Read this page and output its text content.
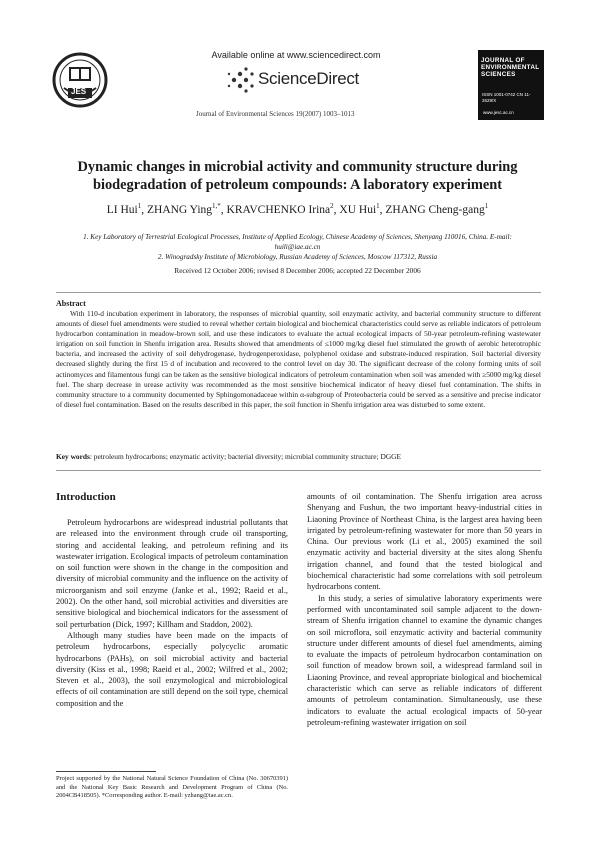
JES
Available online at www.sciencedirect.com
ScienceDirect
JOURNAL OF ENVIRONMENTAL SCIENCES
ISSN 1001-0742 CN 11-2629/X
www.jesc.ac.cn
Journal of Environmental Sciences 19(2007) 1003–1013
Dynamic changes in microbial activity and community structure during biodegradation of petroleum compounds: A laboratory experiment
LI Hui$^1$, ZHANG Ying$^{1,*}$, KRAVCHENKO Irina$^2$, XU Hui$^1$, ZHANG Cheng-gang$^1$
1. Key Laboratory of Terrestrial Ecological Processes, Institute of Applied Ecology, Chinese Academy of Sciences, Shenyang 110016, China. E-mail: huili@iae.ac.cn
2. Winogradsky Institute of Microbiology, Russian Academy of Sciences, Moscow 117312, Russia
Received 12 October 2006; revised 8 December 2006; accepted 22 December 2006
Abstract
With 110-d incubation experiment in laboratory, the responses of microbial quantity, soil enzymatic activity, and bacterial community structure to different amounts of diesel fuel amendments were studied to reveal whether certain biological and biochemical characteristics could serve as reliable indicators of petroleum hydrocarbon contamination in meadow-brown soil, and use these indicators to evaluate the actual ecological impacts of 50-year petroleum-refining wastewater irrigation on soil function in Shenfu irrigation area. Results showed that amendments of ≤1000 mg/kg diesel fuel stimulated the growth of aerobic heterotrophic bacteria, and increased the activity of soil dehydrogenase, hydrogenperoxidase, polyphenol oxidase and substrate-induced respiration. Soil bacterial diversity decreased slightly during the first 15 d of incubation and recovered to the control level on day 30. The significant decrease of the colony forming units of soil actinomyces and filamentous fungi can be taken as the sensitive biological indicators of petroleum contamination when soil was amended with ≥5000 mg/kg diesel fuel. The sharp decrease in urease activity was recommended as the most sensitive biochemical indicator of heavy diesel fuel contamination. The shifts in community structure to a community documented by Sphingomonadaceae within α-subgroup of Proteobacteria could be served as a sensitive and precise indicator of diesel fuel contamination. Based on the results described in this paper, the soil function in Shenfu irrigation area was disturbed to some extent.
Key words: petroleum hydrocarbons; enzymatic activity; bacterial diversity; microbial community structure; DGGE
Introduction

Petroleum hydrocarbons are widespread industrial pollutants that are released into the environment through crude oil transporting, storing and accidental leaking, and petroleum refining and its wastewater irrigation. Ecological impacts of petroleum contamination on soil function were shown in the change in the composition and diversity of microbial community and the influence on the activity of microorganism and soil enzyme (Janke et al., 1992; Raeid et al., 2002). On the other hand, soil microbial activities and diversities are sensitive biological and biochemical indicators for the assessment of soil perturbation (Dick, 1997; Killham and Staddon, 2002).

Although many studies have been made on the impacts of petroleum hydrocarbons, especially polycyclic aromatic hydrocarbons (PAHs), on soil microbial activity and bacterial diversity (Kiss et al., 1998; Raeid et al., 2002; Wilfred et al., 2002; Steven et al., 2003), the soil enzymological and microbiological effects of oil contamination are still depend on the soil type, chemical composition and the

amounts of oil contamination. The Shenfu irrigation area across Shenyang and Fushun, the two important heavy-industrial cities in Liaoning Province of Northeast China, is the largest area having been irrigated by petroleum-refining wastewater for more than 50 years in China. Our previous work (Li et al., 2005) examined the soil enzymatic activity and bacterial diversity at the sites along Shenfu irrigation channel, and found that the tested biological and biochemical characteristic had some correlations with soil petroleum hydrocarbons content.

In this study, a series of simulative laboratory experiments were performed with uncontaminated soil sample adjacent to the down-stream of Shenfu irrigation channel to examine the dynamic changes on soil microflora, soil enzymatic activity and bacterial community structure under different amounts of diesel fuel amendments, aiming to evaluate the impacts of petroleum hydrocarbon contamination on soil function of meadow brown soil, a widespread farmland soil in Liaoning Province, and reveal appropriate biological and biochemical characteristic which can serve as reliable indicators of different amounts of petroleum contamination. Simultaneously, use these indicators to evaluate the actual ecological impacts of 50-year petroleum-refining wastewater irrigation on soil

Project supported by the National Natural Science Foundation of China (No. 30670391) and the National Key Basic Research and Development Program of China (No. 2004CB418505). *Corresponding author. E-mail: yzhang@iae.ac.cn.
